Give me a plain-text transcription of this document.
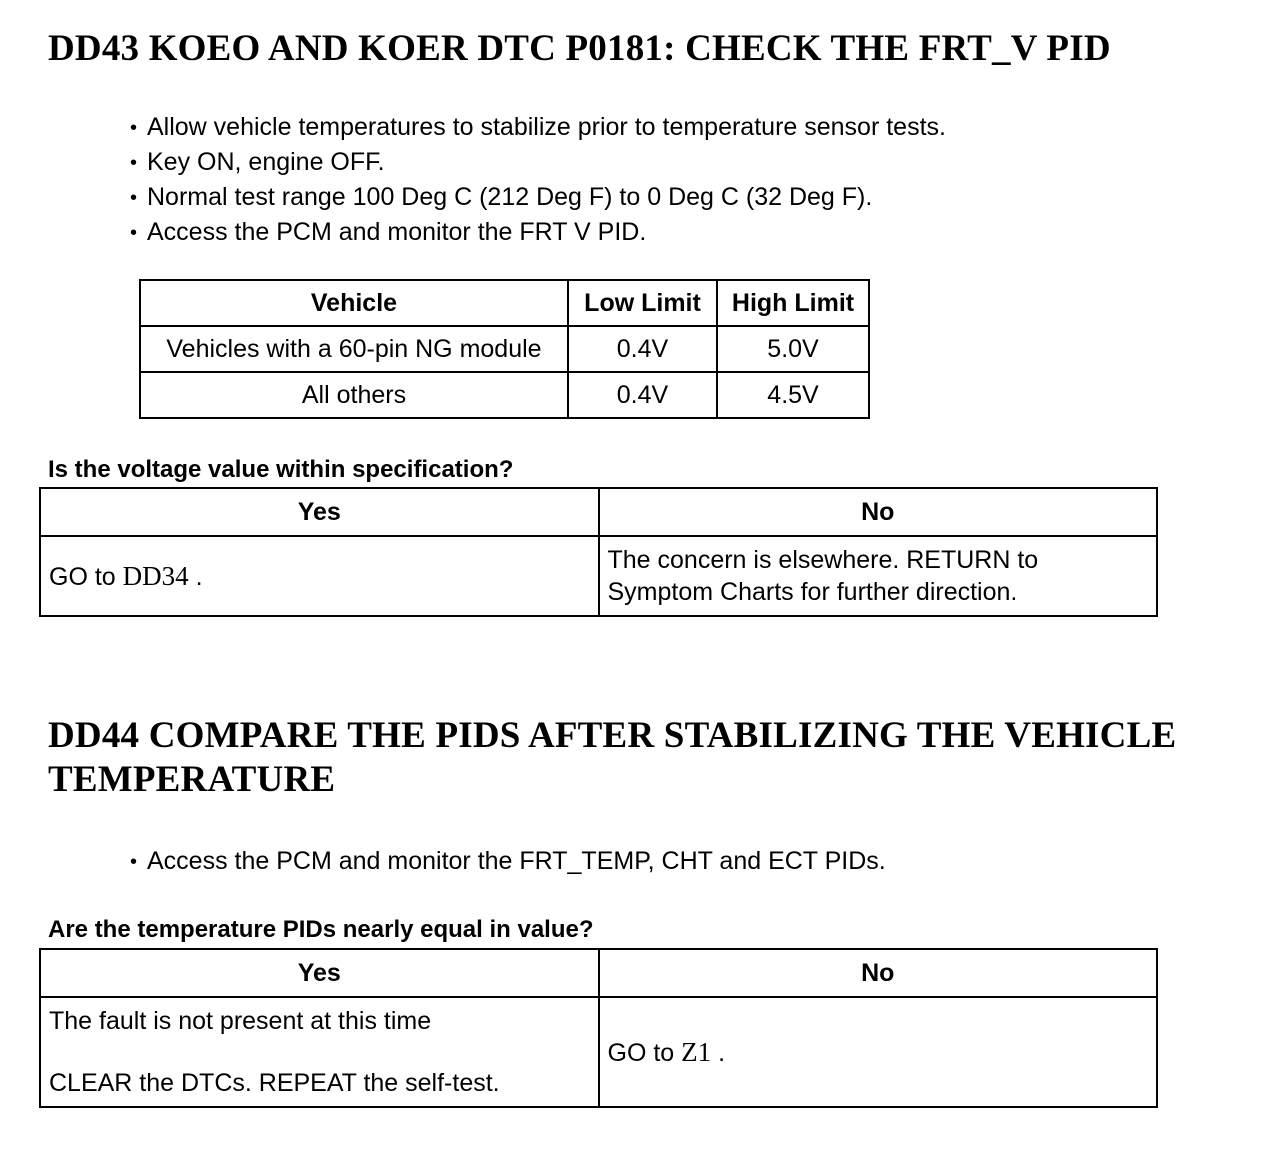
DD43 KOEO AND KOER DTC P0181: CHECK THE FRT_V PID
• Allow vehicle temperatures to stabilize prior to temperature sensor tests.
• Key ON, engine OFF.
• Normal test range 100 Deg C (212 Deg F) to 0 Deg C (32 Deg F).
• Access the PCM and monitor the FRT V PID.
Vehicle	Low Limit	High Limit
Vehicles with a 60-pin NG module	0.4V	5.0V
All others	0.4V	4.5V

Is the voltage value within specification?

Yes	No
GO to DD34 .	The concern is elsewhere. RETURN to Symptom Charts for further direction.
DD44 COMPARE THE PIDS AFTER STABILIZING THE VEHICLE TEMPERATURE
• Access the PCM and monitor the FRT_TEMP, CHT and ECT PIDs.

Are the temperature PIDs nearly equal in value?

Yes	No

The fault is not present at this time

CLEAR the DTCs. REPEAT the self-test.	GO to Z1 .
